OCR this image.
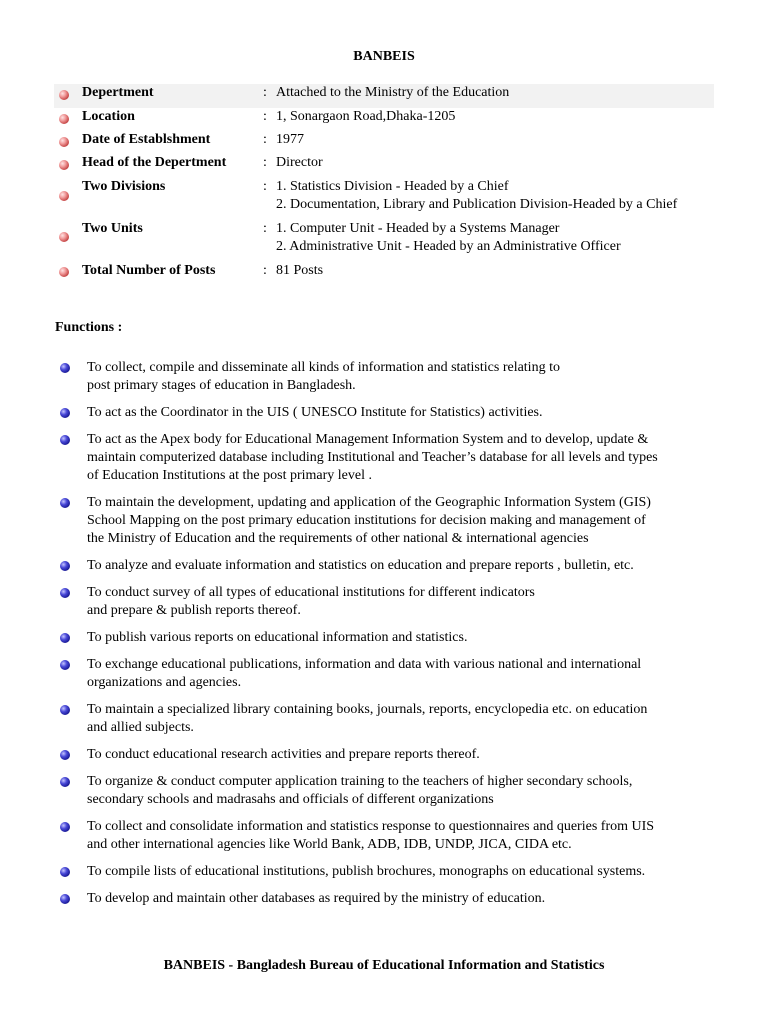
BANBEIS
Depertment	: Attached to the Ministry of the Education
Location	: 1, Sonargaon Road,Dhaka-1205
Date of Establshment	: 1977
Head of the Depertment	: Director
Two Divisions	: 1. Statistics Division - Headed by a Chief
2. Documentation, Library and Publication Division-Headed by a Chief
Two Units	: 1. Computer Unit - Headed by a Systems Manager
2. Administrative Unit - Headed by an Administrative Officer
Total Number of Posts	: 81 Posts
Functions :
To collect, compile and disseminate all kinds of information and statistics relating to
post primary stages of education in Bangladesh.
To act as the Coordinator in the UIS ( UNESCO Institute for Statistics) activities.
To act as the Apex body for Educational Management Information System and to develop, update &
maintain computerized database including Institutional and Teacher’s database for all levels and types
of Education Institutions at the post primary level .
To maintain the development, updating and application of the Geographic Information System (GIS)
School Mapping on the post primary education institutions for decision making and management of
the Ministry of Education and the requirements of other national & international agencies
To analyze and evaluate information and statistics on education and prepare reports , bulletin, etc.
To conduct survey of all types of educational institutions for different indicators
and prepare & publish reports thereof.
To publish various reports on educational information and statistics.
To exchange educational publications, information and data with various national and international
organizations and agencies.
To maintain a specialized library containing books, journals, reports, encyclopedia etc. on education
and allied subjects.
To conduct educational research activities and prepare reports thereof.
To organize & conduct computer application training to the teachers of higher secondary schools,
secondary schools and madrasahs and officials of different organizations
To collect and consolidate information and statistics response to questionnaires and queries from UIS
and other international agencies like World Bank, ADB, IDB, UNDP, JICA, CIDA etc.
To compile lists of educational institutions, publish brochures, monographs on educational systems.
To develop and maintain other databases as required by the ministry of education.
BANBEIS - Bangladesh Bureau of Educational Information and Statistics
